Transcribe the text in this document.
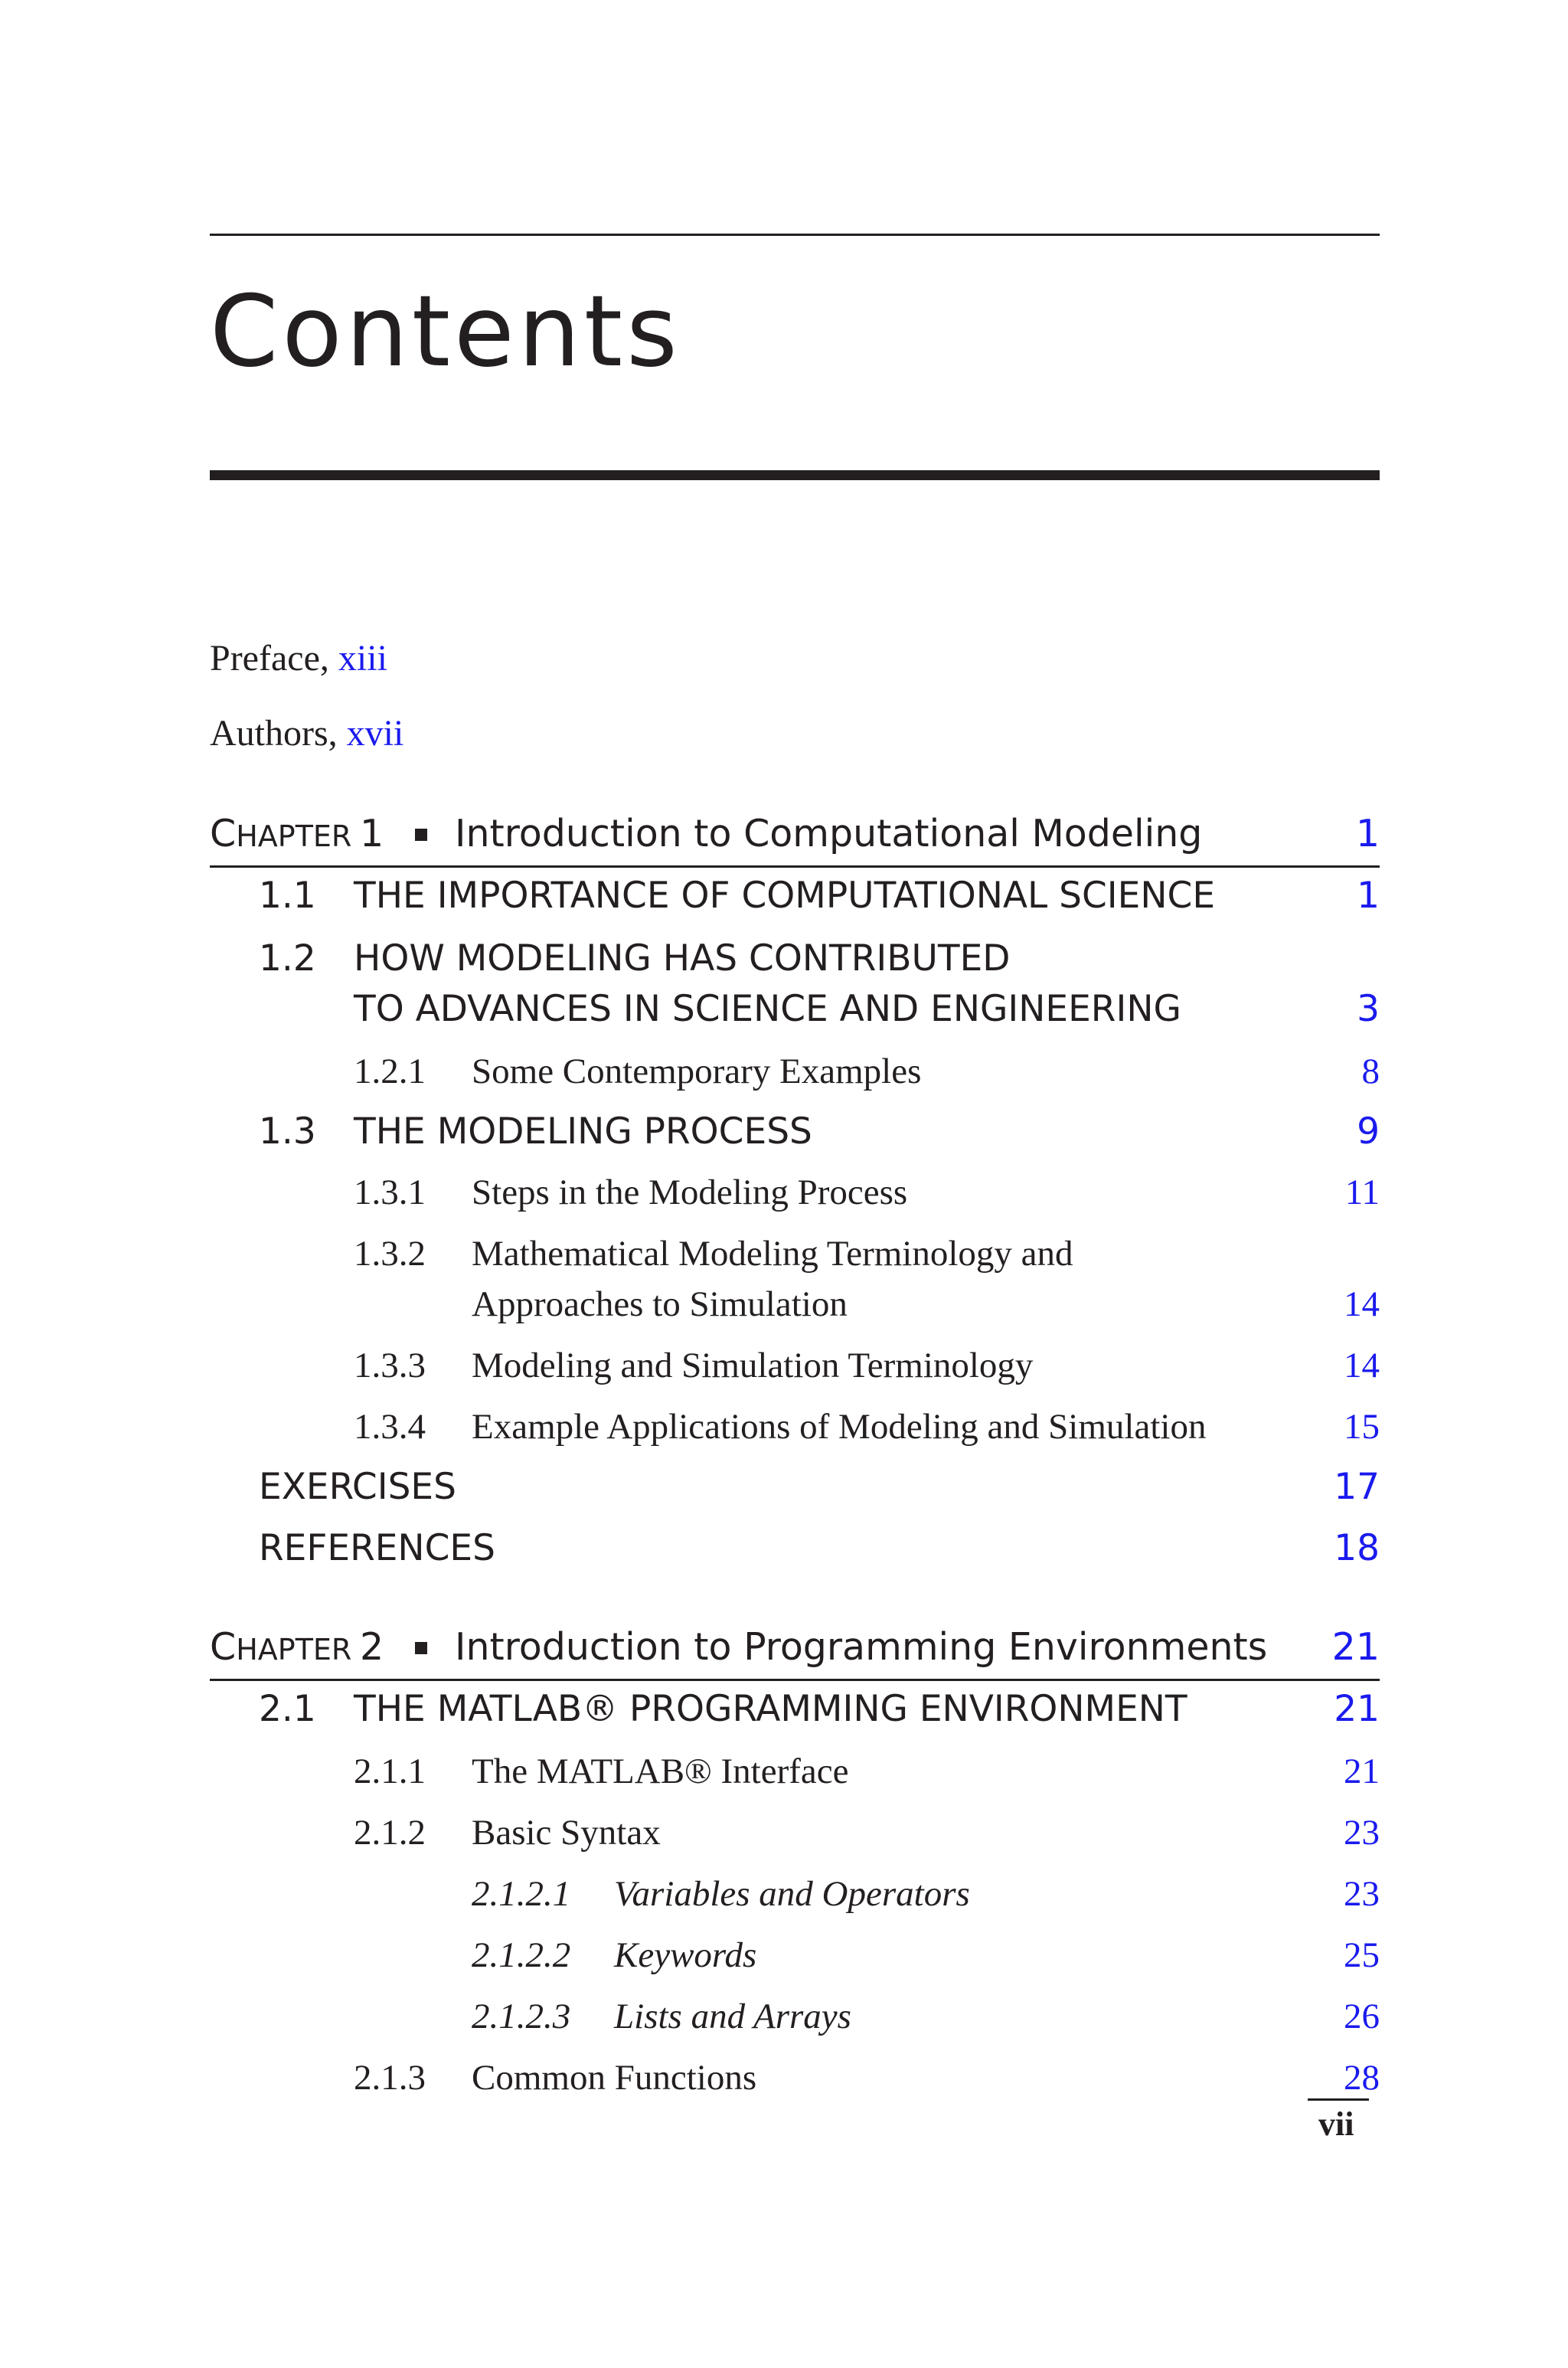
Contents
Preface, xiii
Authors, xvii
CHAPTER 1 Introduction to Computational Modeling	1
1.1 THE IMPORTANCE OF COMPUTATIONAL SCIENCE	1
1.2 HOW MODELING HAS CONTRIBUTED
TO ADVANCES IN SCIENCE AND ENGINEERING	3
1.2.1 Some Contemporary Examples	8
1.3 THE MODELING PROCESS	9
1.3.1 Steps in the Modeling Process	11
1.3.2 Mathematical Modeling Terminology and
Approaches to Simulation	14
1.3.3 Modeling and Simulation Terminology	14
1.3.4 Example Applications of Modeling and Simulation	15
EXERCISES	17
REFERENCES	18
CHAPTER 2 Introduction to Programming Environments 21
2.1 THE MATLAB® PROGRAMMING ENVIRONMENT	21
2.1.1 The MATLAB® Interface	21
2.1.2 Basic Syntax	23
2.1.2.1 Variables and Operators	23
2.1.2.2 Keywords	25
2.1.2.3 Lists and Arrays	26
2.1.3 Common Functions	28
vii
